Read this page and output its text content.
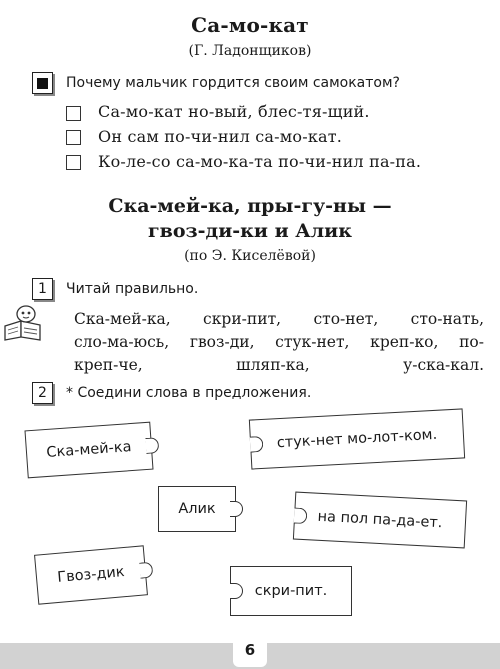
Са-мо-кат
(Г. Ладонщиков)
Почему мальчик гордится своим самокатом?
Са-мо-кат но-вый, блес-тя-щий.
Он сам по-чи-нил са-мо-кат.
Ко-ле-со са-мо-ка-та по-чи-нил па-па.
Ска-мей-ка, пры-гу-ны —
гвоз-ди-ки и Алик
(по Э. Киселёвой)
1	Читай правильно.
Ска-мей-ка, скри-пит, сто-нет, сто-нать,
сло-ма-юсь, гвоз-ди, стук-нет, креп-ко, по-
креп-че, шляп-ка, у-ска-кал.
2	* Соедини слова в предложения.
Ска-мей-ка	стук-нет мо-лот-ком.
Алик	на пол па-да-ет.
Гвоз-дик
скри-пит.
6
